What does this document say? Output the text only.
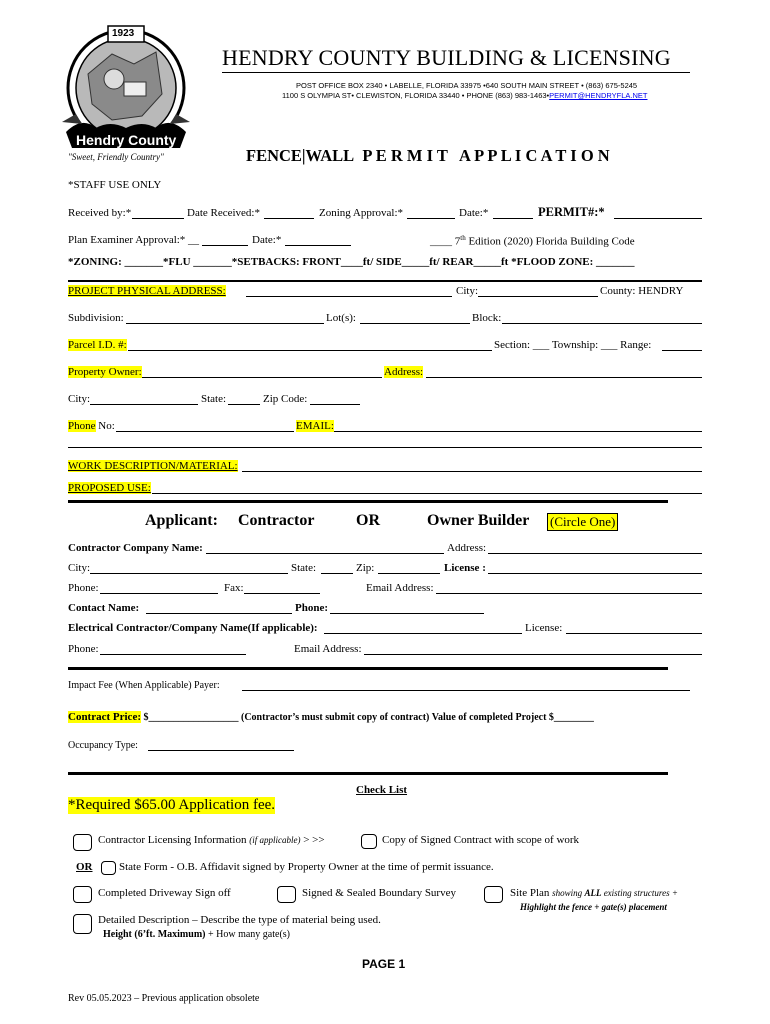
1923
Hendry County
"Sweet, Friendly Country"
HENDRY COUNTY BUILDING & LICENSING
POST OFFICE BOX 2340 • LABELLE, FLORIDA 33975 •640 SOUTH MAIN STREET • (863) 675-5245
1100 S OLYMPIA ST• CLEWISTON, FLORIDA 33440 • PHONE (863) 983-1463•PERMIT@HENDRYFLA.NET
FENCE|WALL P E R M I T   A P P L I C A T I O N
*STAFF USE ONLY
Received by:*	Date Received:*	Zoning Approval:*	Date:*	PERMIT#:*
Plan Examiner Approval:* __	Date:*	____ 7th Edition (2020) Florida Building Code
*ZONING: _______*FLU _______*SETBACKS: FRONT____ft/ SIDE_____ft/ REAR_____ft *FLOOD ZONE: _______
PROJECT PHYSICAL ADDRESS:	City:	County: HENDRY
Subdivision:	Lot(s):	Block:
Parcel I.D. #:	Section: ___ Township: ___ Range:
Property Owner:	Address:
City:	State:	Zip Code:
Phone No:	EMAIL:
WORK DESCRIPTION/MATERIAL:
PROPOSED USE:
Applicant: Contractor	OR	Owner Builder (Circle One)
Contractor Company Name:	Address:
City:	State:	Zip:	License :
Phone:	Fax:	Email Address:
Contact Name:	Phone:
Electrical Contractor/Company Name(If applicable):	License:
Phone:	Email Address:
Impact Fee (When Applicable) Payer:
Contract Price: $__________________ (Contractor’s must submit copy of contract) Value of completed Project $________
Occupancy Type:
Check List
*Required $65.00 Application fee.
Contractor Licensing Information (if applicable) > >>	Copy of Signed Contract with scope of work
OR State Form - O.B. Affidavit signed by Property Owner at the time of permit issuance.
Completed Driveway Sign off	Signed & Sealed Boundary Survey	Site Plan showing ALL existing structures +
Highlight the fence + gate(s) placement
Detailed Description – Describe the type of material being used.
Height (6’ft. Maximum) + How many gate(s)
PAGE 1
Rev 05.05.2023 – Previous application obsolete
